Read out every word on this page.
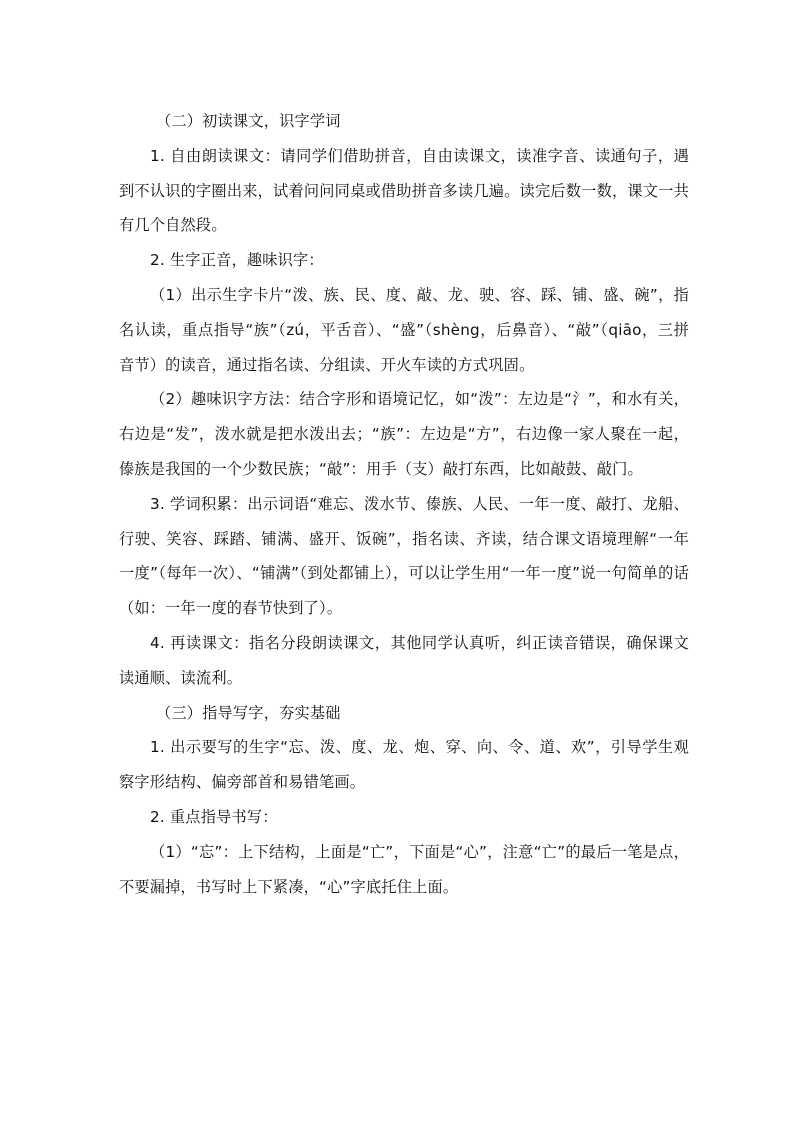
（二）初读课文，识字学词

1. 自由朗读课文：请同学们借助拼音，自由读课文，读准字音、读通句子，遇到不认识的字圈出来，试着问问同桌或借助拼音多读几遍。读完后数一数，课文一共有几个自然段。

2. 生字正音，趣味识字：

（1）出示生字卡片“泼、族、民、度、敲、龙、驶、容、踩、铺、盛、碗”，指名认读，重点指导“族”（zú，平舌音）、“盛”（shèng，后鼻音）、“敲”（qiāo，三拼音节）的读音，通过指名读、分组读、开火车读的方式巩固。

（2）趣味识字方法：结合字形和语境记忆，如“泼”：左边是“氵”，和水有关，右边是“发”，泼水就是把水泼出去；“族”：左边是“方”，右边像一家人聚在一起，傣族是我国的一个少数民族；“敲”：用手（支）敲打东西，比如敲鼓、敲门。

3. 学词积累：出示词语“难忘、泼水节、傣族、人民、一年一度、敲打、龙船、行驶、笑容、踩踏、铺满、盛开、饭碗”，指名读、齐读，结合课文语境理解“一年一度”（每年一次）、“铺满”（到处都铺上），可以让学生用“一年一度”说一句简单的话（如：一年一度的春节快到了）。

4. 再读课文：指名分段朗读课文，其他同学认真听，纠正读音错误，确保课文读通顺、读流利。

（三）指导写字，夯实基础

1. 出示要写的生字“忘、泼、度、龙、炮、穿、向、令、道、欢”，引导学生观察字形结构、偏旁部首和易错笔画。

2. 重点指导书写：

（1）“忘”：上下结构，上面是“亡”，下面是“心”，注意“亡”的最后一笔是点，不要漏掉，书写时上下紧凑，“心”字底托住上面。
